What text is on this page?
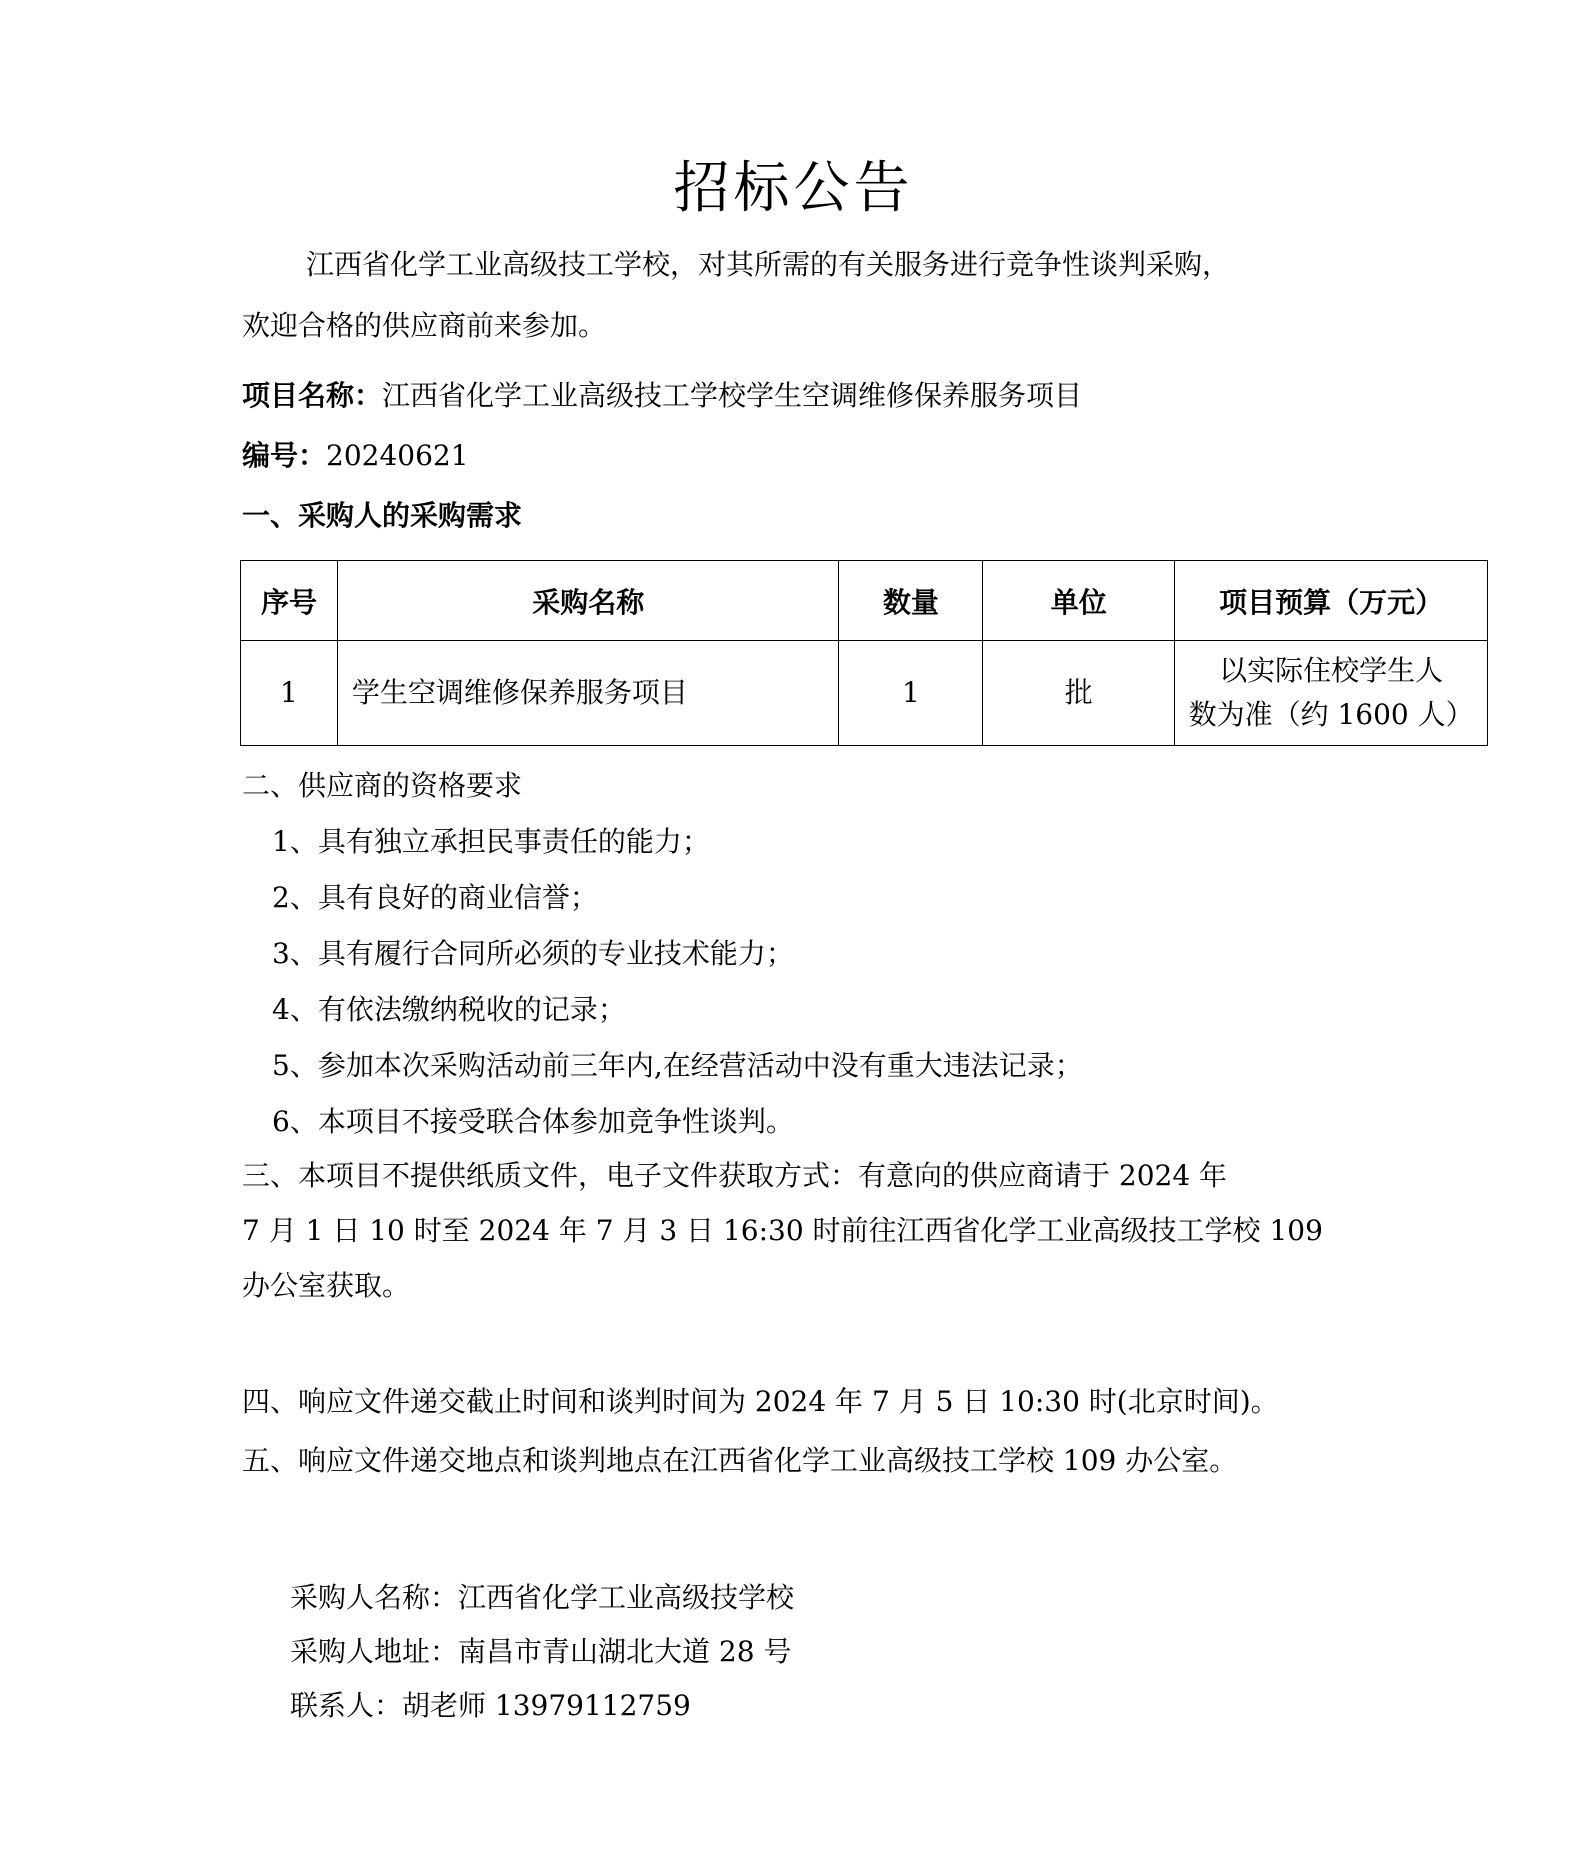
招标公告
江西省化学工业高级技工学校，对其所需的有关服务进行竞争性谈判采购，
欢迎合格的供应商前来参加。
项目名称：江西省化学工业高级技工学校学生空调维修保养服务项目
编号：20240621
一、采购人的采购需求
序号	采购名称	数量	单位	项目预算（万元）
1	学生空调维修保养服务项目	1	批	以实际住校学生人
数为准（约 1600 人）
二、供应商的资格要求
1、具有独立承担民事责任的能力；
2、具有良好的商业信誉；
3、具有履行合同所必须的专业技术能力；
4、有依法缴纳税收的记录；
5、参加本次采购活动前三年内,在经营活动中没有重大违法记录；
6、本项目不接受联合体参加竞争性谈判。
三、本项目不提供纸质文件，电子文件获取方式：有意向的供应商请于 2024 年
7 月 1 日 10 时至 2024 年 7 月 3 日 16:30 时前往江西省化学工业高级技工学校 109
办公室获取。
四、响应文件递交截止时间和谈判时间为 2024 年 7 月 5 日 10:30 时(北京时间)。
五、响应文件递交地点和谈判地点在江西省化学工业高级技工学校 109 办公室。
采购人名称：江西省化学工业高级技学校
采购人地址：南昌市青山湖北大道 28 号
联系人：胡老师 13979112759
